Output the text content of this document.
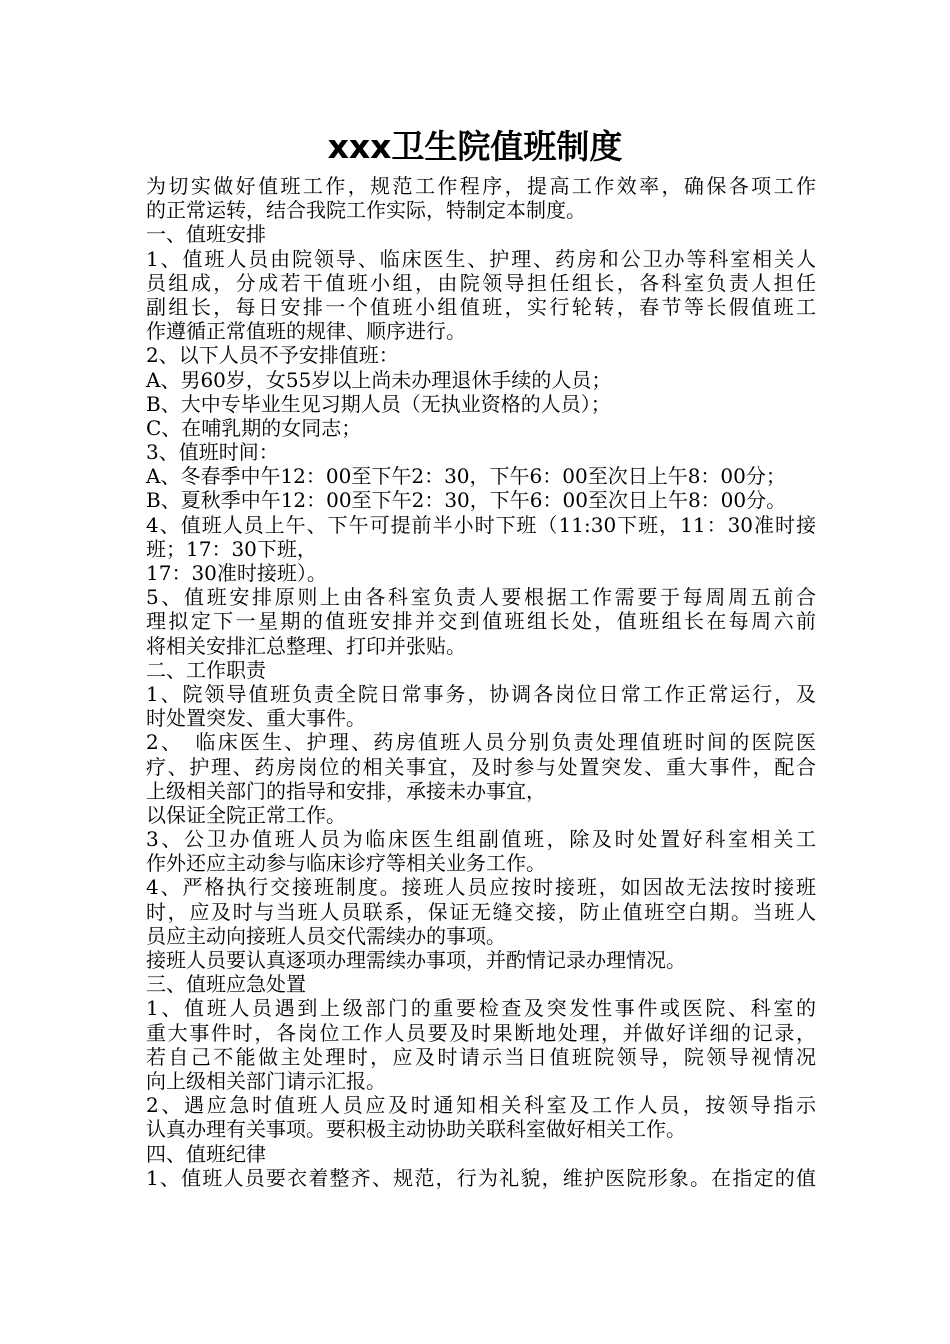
xxx卫生院值班制度
为切实做好值班工作，规范工作程序，提高工作效率，确保各项工作
的正常运转，结合我院工作实际，特制定本制度。
一、值班安排
1、值班人员由院领导、临床医生、护理、药房和公卫办等科室相关人
员组成，分成若干值班小组，由院领导担任组长，各科室负责人担任
副组长，每日安排一个值班小组值班，实行轮转，春节等长假值班工
作遵循正常值班的规律、顺序进行。
2、以下人员不予安排值班：
A、男60岁，女55岁以上尚未办理退休手续的人员；
B、大中专毕业生见习期人员（无执业资格的人员）；
C、在哺乳期的女同志；
3、值班时间：
A、冬春季中午12：00至下午2：30，下午6：00至次日上午8：00分；
B、夏秋季中午12：00至下午2：30，下午6：00至次日上午8：00分。
4、值班人员上午、下午可提前半小时下班（11:30下班，11：30准时接
班；17：30下班，
17：30准时接班）。
5、值班安排原则上由各科室负责人要根据工作需要于每周周五前合
理拟定下一星期的值班安排并交到值班组长处，值班组长在每周六前
将相关安排汇总整理、打印并张贴。
二、工作职责
1、院领导值班负责全院日常事务，协调各岗位日常工作正常运行，及
时处置突发、重大事件。
2、　临床医生、护理、药房值班人员分别负责处理值班时间的医院医
疗、护理、药房岗位的相关事宜，及时参与处置突发、重大事件，配合
上级相关部门的指导和安排，承接未办事宜，
以保证全院正常工作。
3、公卫办值班人员为临床医生组副值班，除及时处置好科室相关工
作外还应主动参与临床诊疗等相关业务工作。
4、严格执行交接班制度。接班人员应按时接班，如因故无法按时接班
时，应及时与当班人员联系，保证无缝交接，防止值班空白期。当班人
员应主动向接班人员交代需续办的事项。
接班人员要认真逐项办理需续办事项，并酌情记录办理情况。
三、值班应急处置
1、值班人员遇到上级部门的重要检查及突发性事件或医院、科室的
重大事件时，各岗位工作人员要及时果断地处理，并做好详细的记录，
若自己不能做主处理时，应及时请示当日值班院领导，院领导视情况
向上级相关部门请示汇报。
2、遇应急时值班人员应及时通知相关科室及工作人员，按领导指示
认真办理有关事项。要积极主动协助关联科室做好相关工作。
四、值班纪律
1、值班人员要衣着整齐、规范，行为礼貌，维护医院形象。在指定的值
